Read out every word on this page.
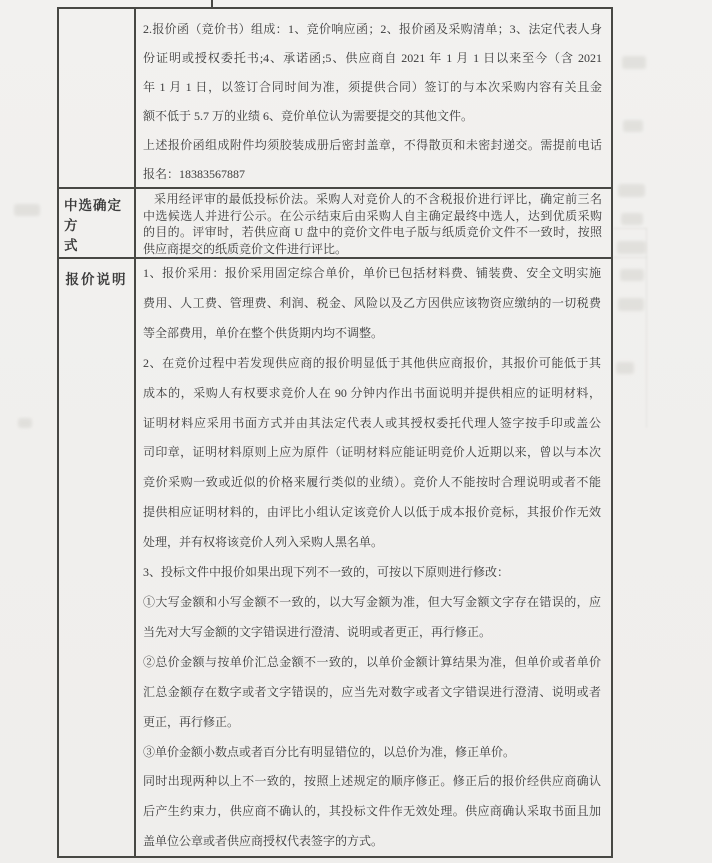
2.报价函（竞价书）组成：1、竞价响应函；2、报价函及采购清单；3、法定代表人身
份证明或授权委托书;4、承诺函;5、供应商自 2021 年 1 月 1 日以来至今（含 2021
年 1 月 1 日，以签订合同时间为准，须提供合同）签订的与本次采购内容有关且金
额不低于 5.7 万的业绩 6、竞价单位认为需要提交的其他文件。
上述报价函组成附件均须胶装成册后密封盖章，不得散页和未密封递交。需提前电话
报名：18383567887
中选确定方
式
采用经评审的最低投标价法。采购人对竞价人的不含税报价进行评比，确定前三名
中选候选人并进行公示。在公示结束后由采购人自主确定最终中选人，达到优质采购
的目的。评审时，若供应商 U 盘中的竞价文件电子版与纸质竞价文件不一致时，按照
供应商提交的纸质竞价文件进行评比。
报价说明	1、报价采用：报价采用固定综合单价，单价已包括材料费、铺装费、安全文明实施
费用、人工费、管理费、利润、税金、风险以及乙方因供应该物资应缴纳的一切税费
等全部费用，单价在整个供货期内均不调整。
2、在竞价过程中若发现供应商的报价明显低于其他供应商报价，其报价可能低于其
成本的，采购人有权要求竞价人在 90 分钟内作出书面说明并提供相应的证明材料，
证明材料应采用书面方式并由其法定代表人或其授权委托代理人签字按手印或盖公
司印章，证明材料原则上应为原件（证明材料应能证明竞价人近期以来，曾以与本次
竞价采购一致或近似的价格来履行类似的业绩）。竞价人不能按时合理说明或者不能
提供相应证明材料的，由评比小组认定该竞价人以低于成本报价竞标，其报价作无效
处理，并有权将该竞价人列入采购人黑名单。
3、投标文件中报价如果出现下列不一致的，可按以下原则进行修改：
①大写金额和小写金额不一致的，以大写金额为准，但大写金额文字存在错误的，应
当先对大写金额的文字错误进行澄清、说明或者更正，再行修正。
②总价金额与按单价汇总金额不一致的，以单价金额计算结果为准，但单价或者单价
汇总金额存在数字或者文字错误的，应当先对数字或者文字错误进行澄清、说明或者
更正，再行修正。
③单价金额小数点或者百分比有明显错位的，以总价为准，修正单价。
同时出现两种以上不一致的，按照上述规定的顺序修正。修正后的报价经供应商确认
后产生约束力，供应商不确认的，其投标文件作无效处理。供应商确认采取书面且加
盖单位公章或者供应商授权代表签字的方式。
